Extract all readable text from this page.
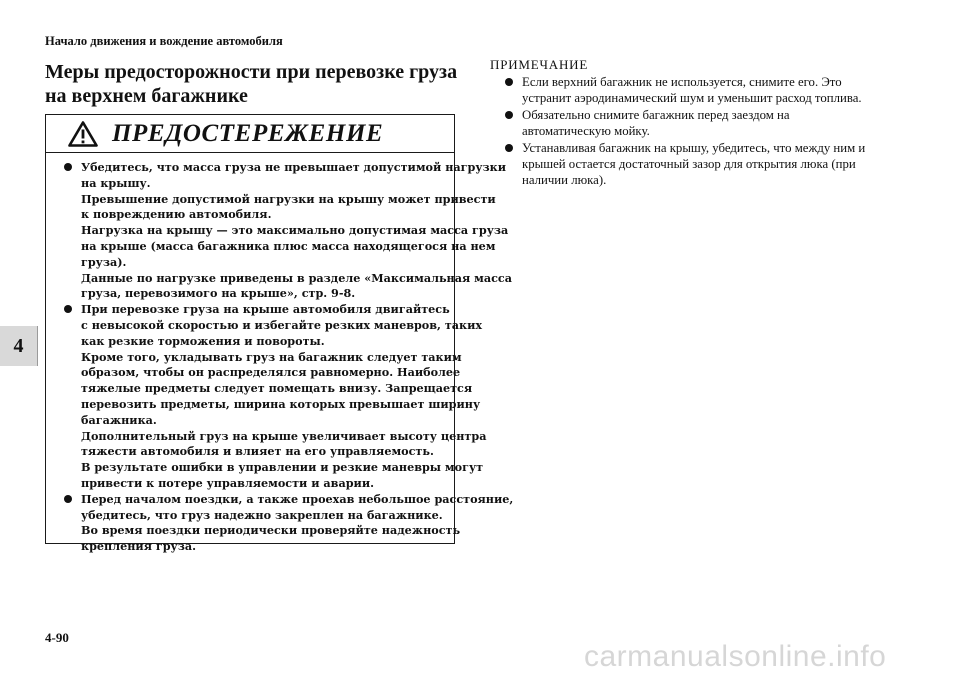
Начало движения и вождение автомобиля
4
Меры предосторожности при перевозке груза
на верхнем багажнике
ПРЕДОСТЕРЕЖЕНИЕ
Убедитесь, что масса груза не превышает допустимой нагрузки
на крышу.
Превышение допустимой нагрузки на крышу может привести
к повреждению автомобиля.
Нагрузка на крышу — это максимально допустимая масса груза
на крыше (масса багажника плюс масса находящегося на нем
груза).
Данные по нагрузке приведены в разделе «Максимальная масса
груза, перевозимого на крыше», стр. 9-8.
При перевозке груза на крыше автомобиля двигайтесь
с невысокой скоростью и избегайте резких маневров, таких
как резкие торможения и повороты.
Кроме того, укладывать груз на багажник следует таким
образом, чтобы он распределялся равномерно. Наиболее
тяжелые предметы следует помещать внизу. Запрещается
перевозить предметы, ширина которых превышает ширину
багажника.
Дополнительный груз на крыше увеличивает высоту центра
тяжести автомобиля и влияет на его управляемость.
В результате ошибки в управлении и резкие маневры могут
привести к потере управляемости и аварии.
Перед началом поездки, а также проехав небольшое расстояние,
убедитесь, что груз надежно закреплен на багажнике.
Во время поездки периодически проверяйте надежность
крепления груза.
ПРИМЕЧАНИЕ
Если верхний багажник не используется, снимите его. Это
устранит аэродинамический шум и уменьшит расход топлива.
Обязательно снимите багажник перед заездом на
автоматическую мойку.
Устанавливая багажник на крышу, убедитесь, что между ним и
крышей остается достаточный зазор для открытия люка (при
наличии люка).
4-90
carmanualsonline.info
